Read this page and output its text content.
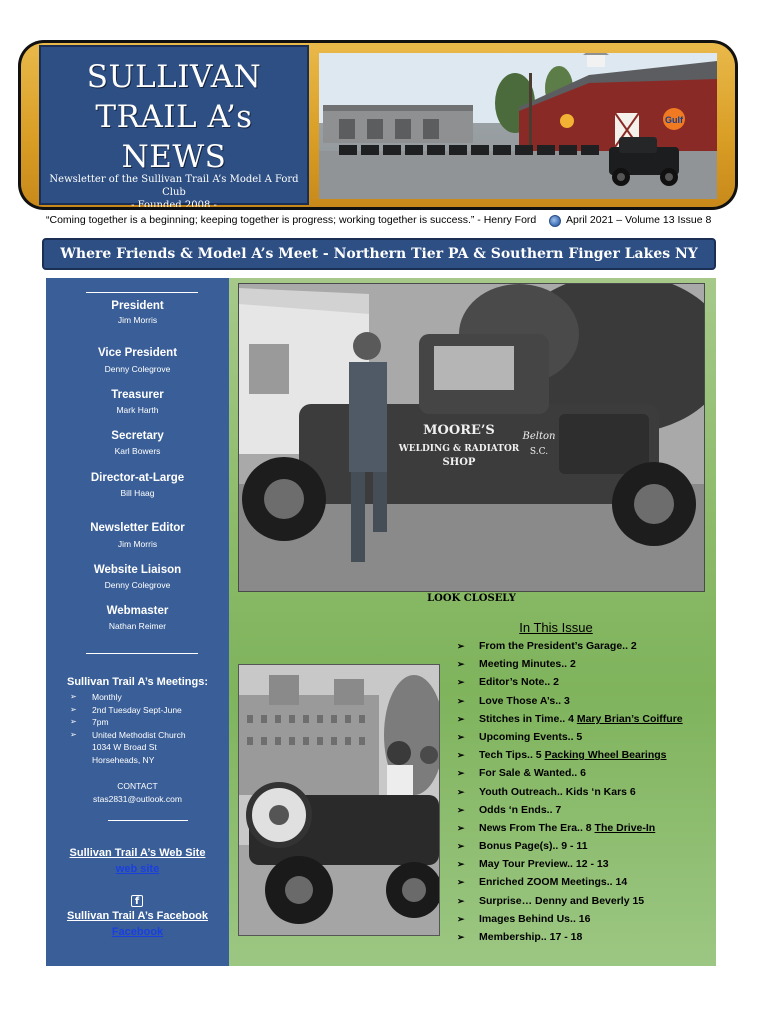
SULLIVAN
TRAIL A’s
NEWS
Newsletter of the Sullivan Trail A’s Model A Ford Club
- Founded 2008 -
Gulf
“Coming together is a beginning; keeping together is progress; working together is success.” - Henry Ford	April 2021 – Volume 13 Issue 8
Where Friends & Model A’s Meet - Northern Tier PA & Southern Finger Lakes NY
President
Jim Morris
Vice President
Denny Colegrove
Treasurer
Mark Harth
Secretary
Karl Bowers
Director-at-Large
Bill Haag
Newsletter Editor
Jim Morris
Website Liaison
Denny Colegrove
Webmaster
Nathan Reimer
Sullivan Trail A’s Meetings:
➢ Monthly
➢ 2nd Tuesday Sept-June
➢ 7pm
➢ United Methodist Church
1034 W Broad St
Horseheads, NY
CONTACT
stas2831@outlook.com
Sullivan Trail A’s Web Site
web site
f
Sullivan Trail A’s Facebook
Facebook
MOORE’S
WELDING & RADIATOR
SHOP
Belton
S.C.
LOOK CLOSELY
In This Issue
➢ From the President’s Garage.. 2
➢ Meeting Minutes.. 2
➢ Editor’s Note.. 2
➢ Love Those A’s.. 3
➢ Stitches in Time.. 4 Mary Brian’s Coiffure
➢ Upcoming Events.. 5
➢ Tech Tips.. 5 Packing Wheel Bearings
➢ For Sale & Wanted.. 6
➢ Youth Outreach.. Kids ‘n Kars 6
➢ Odds ‘n Ends.. 7
➢ News From The Era.. 8 The Drive-In
➢ Bonus Page(s).. 9 - 11
➢ May Tour Preview.. 12 - 13
➢ Enriched ZOOM Meetings.. 14
➢ Surprise… Denny and Beverly 15
➢ Images Behind Us.. 16
➢ Membership.. 17 - 18
